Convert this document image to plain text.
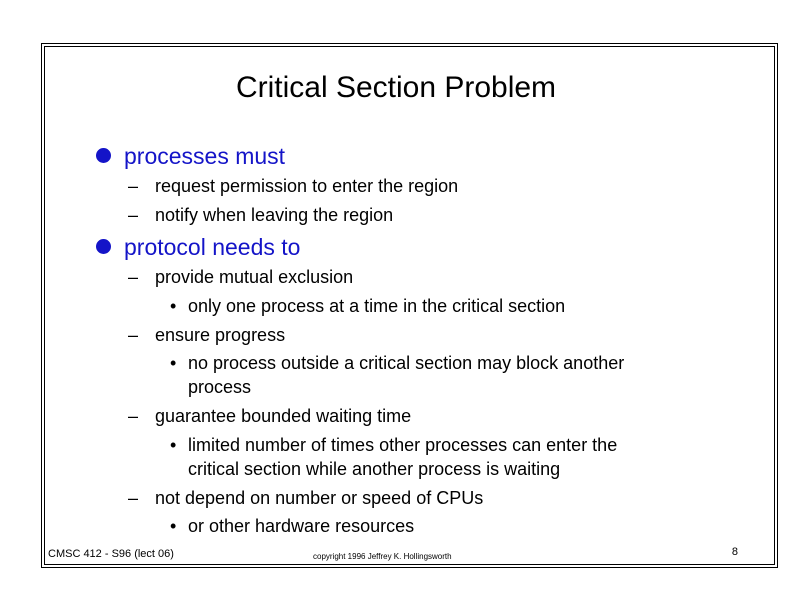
Critical Section Problem
processes must
– request permission to enter the region
– notify when leaving the region
protocol needs to
– provide mutual exclusion
• only one process at a time in the critical section
– ensure progress
• no process outside a critical section may block another
process
– guarantee bounded waiting time
• limited number of times other processes can enter the
critical section while another process is waiting
– not depend on number or speed of CPUs
• or other hardware resources
CMSC 412 - S96 (lect 06)	copyright 1996 Jeffrey K. Hollingsworth	8
